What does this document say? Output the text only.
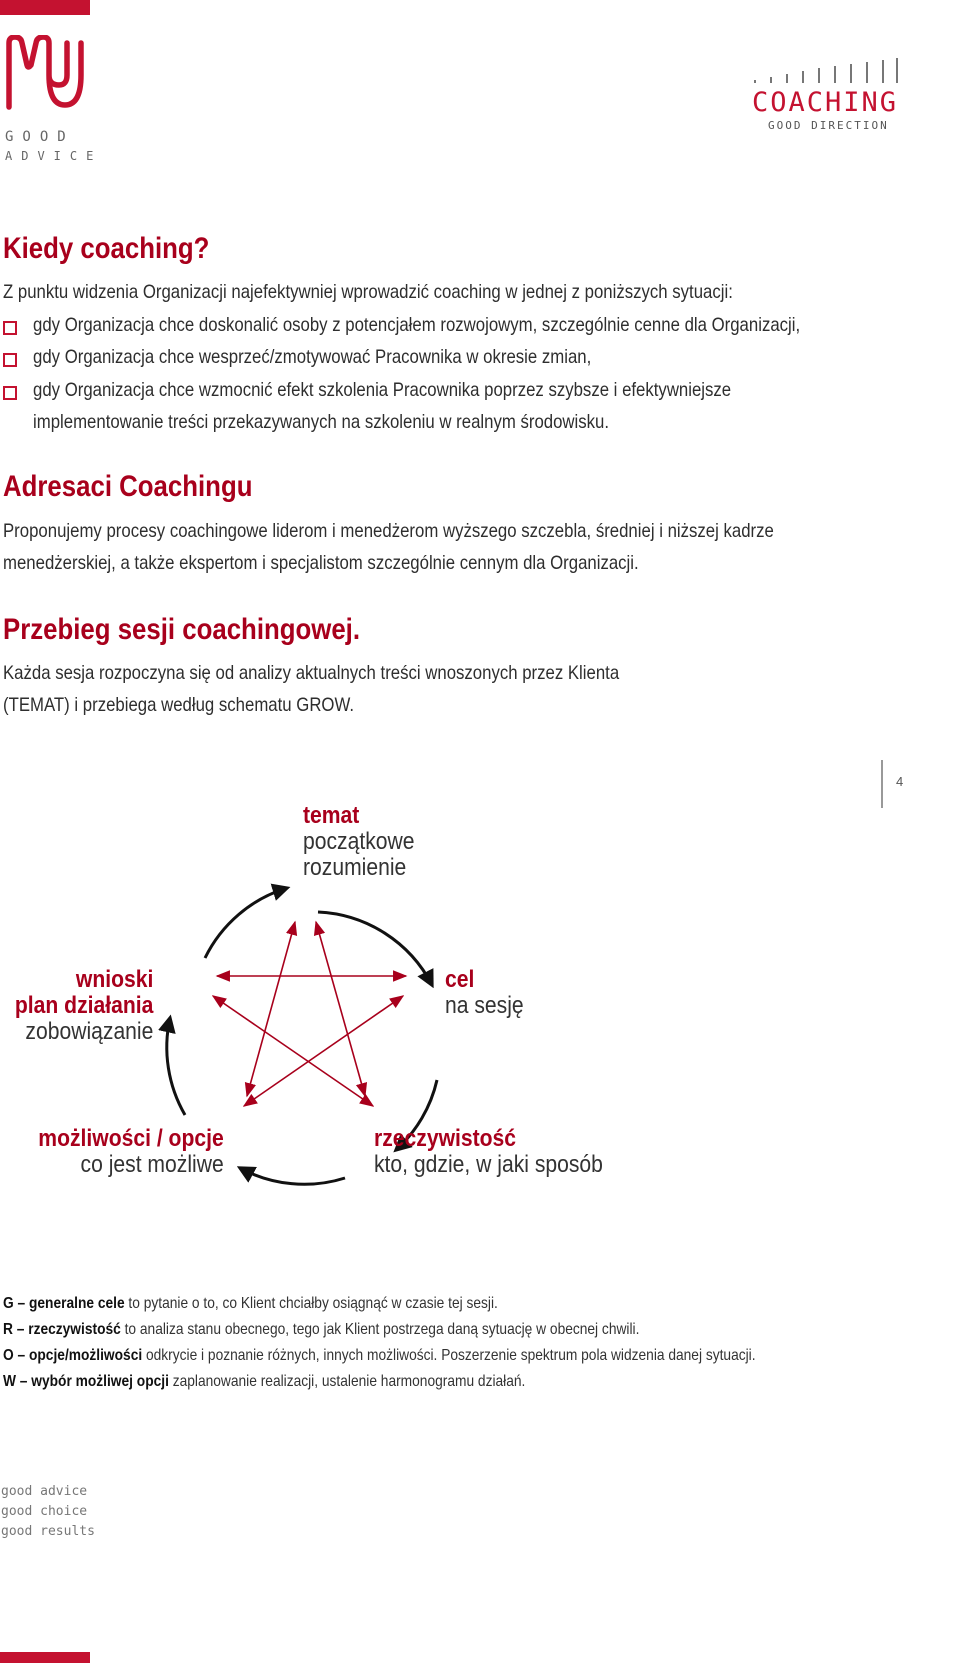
GOOD
ADVICE
COACHING
GOOD DIRECTION
Kiedy coaching?
Z punktu widzenia Organizacji najefektywniej wprowadzić coaching w jednej z poniższych sytuacji:
gdy Organizacja chce doskonalić osoby z potencjałem rozwojowym, szczególnie cenne dla Organizacji,
gdy Organizacja chce wesprzeć/zmotywować Pracownika w okresie zmian,
gdy Organizacja chce wzmocnić efekt szkolenia Pracownika poprzez szybsze i efektywniejsze
implementowanie treści przekazywanych na szkoleniu w realnym środowisku.
Adresaci Coachingu
Proponujemy procesy coachingowe liderom i menedżerom wyższego szczebla, średniej i niższej kadrze
menedżerskiej, a także ekspertom i specjalistom szczególnie cennym dla Organizacji.
Przebieg sesji coachingowej.
Każda sesja rozpoczyna się od analizy aktualnych treści wnoszonych przez Klienta
(TEMAT) i przebiega według schematu GROW.
4
temat
początkowe
rozumienie
cel
na sesję
rzeczywistość
kto, gdzie, w jaki sposób
możliwości / opcje
co jest możliwe
wnioski
plan działania
zobowiązanie
G – generalne cele to pytanie o to, co Klient chciałby osiągnąć w czasie tej sesji.
R – rzeczywistość to analiza stanu obecnego, tego jak Klient postrzega daną sytuację w obecnej chwili.
O – opcje/możliwości odkrycie i poznanie różnych, innych możliwości. Poszerzenie spektrum pola widzenia danej sytuacji.
W – wybór możliwej opcji zaplanowanie realizacji, ustalenie harmonogramu działań.
good advice
good choice
good results
